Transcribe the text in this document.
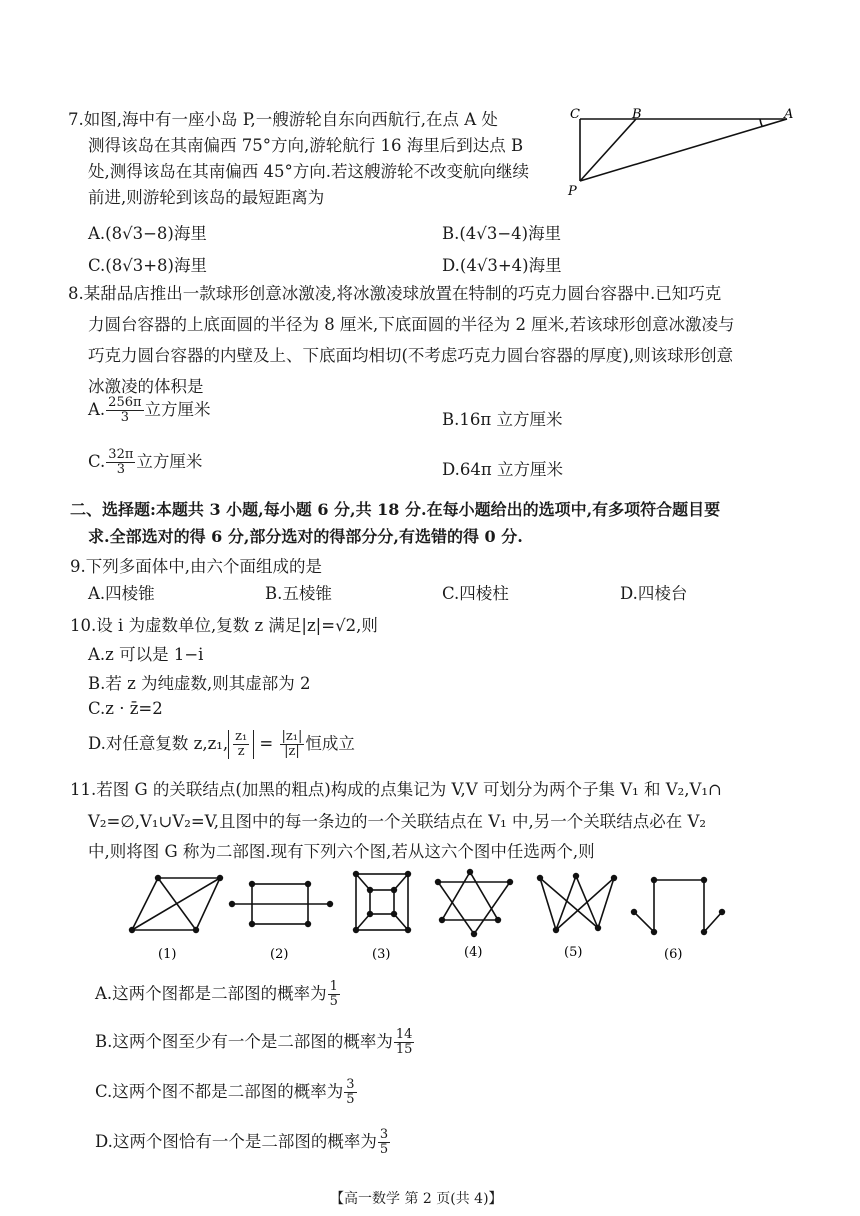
7.如图,海中有一座小岛 P,一艘游轮自东向西航行,在点 A 处
测得该岛在其南偏西 75°方向,游轮航行 16 海里后到达点 B
处,测得该岛在其南偏西 45°方向.若这艘游轮不改变航向继续
前进,则游轮到该岛的最短距离为
C	B	A
P
A.(8√3−8)海里	B.(4√3−4)海里
C.(8√3+8)海里	D.(4√3+4)海里
8.某甜品店推出一款球形创意冰激凌,将冰激凌球放置在特制的巧克力圆台容器中.已知巧克
力圆台容器的上底面圆的半径为 8 厘米,下底面圆的半径为 2 厘米,若该球形创意冰激凌与
巧克力圆台容器的内壁及上、下底面均相切(不考虑巧克力圆台容器的厚度),则该球形创意
冰激凌的体积是
A. $\frac{256\pi}{3}$ 立方厘米
B.16π 立方厘米
C. $\frac{32\pi}{3}$ 立方厘米	D.64π 立方厘米
二、选择题:本题共 3 小题,每小题 6 分,共 18 分.在每小题给出的选项中,有多项符合题目要
求.全部选对的得 6 分,部分选对的得部分分,有选错的得 0 分.
9.下列多面体中,由六个面组成的是
A.四棱锥	B.五棱锥	C.四棱柱	D.四棱台
10.设 i 为虚数单位,复数 z 满足|z|=√2,则
A.z 可以是 1−i
B.若 z 为纯虚数,则其虚部为 2
C.z · z̄=2
D.对任意复数 z,z₁, $\frac{\text{z₁}}{z} = \frac{\text{|z₁|}}{|z|}$ 恒成立
11.若图 G 的关联结点(加黑的粗点)构成的点集记为 V,V 可划分为两个子集 V₁ 和 V₂,V₁∩
V₂=∅,V₁∪V₂=V,且图中的每一条边的一个关联结点在 V₁ 中,另一个关联结点必在 V₂
中,则将图 G 称为二部图.现有下列六个图,若从这六个图中任选两个,则
(1)	(2)	(3)	(4)	(5)	(6)
A.这两个图都是二部图的概率为 $\frac{1}{5}$
B.这两个图至少有一个是二部图的概率为 $\frac{14}{15}$
C.这两个图不都是二部图的概率为 $\frac{3}{5}$
D.这两个图恰有一个是二部图的概率为 $\frac{3}{5}$
【高一数学 第 2 页(共 4)】
